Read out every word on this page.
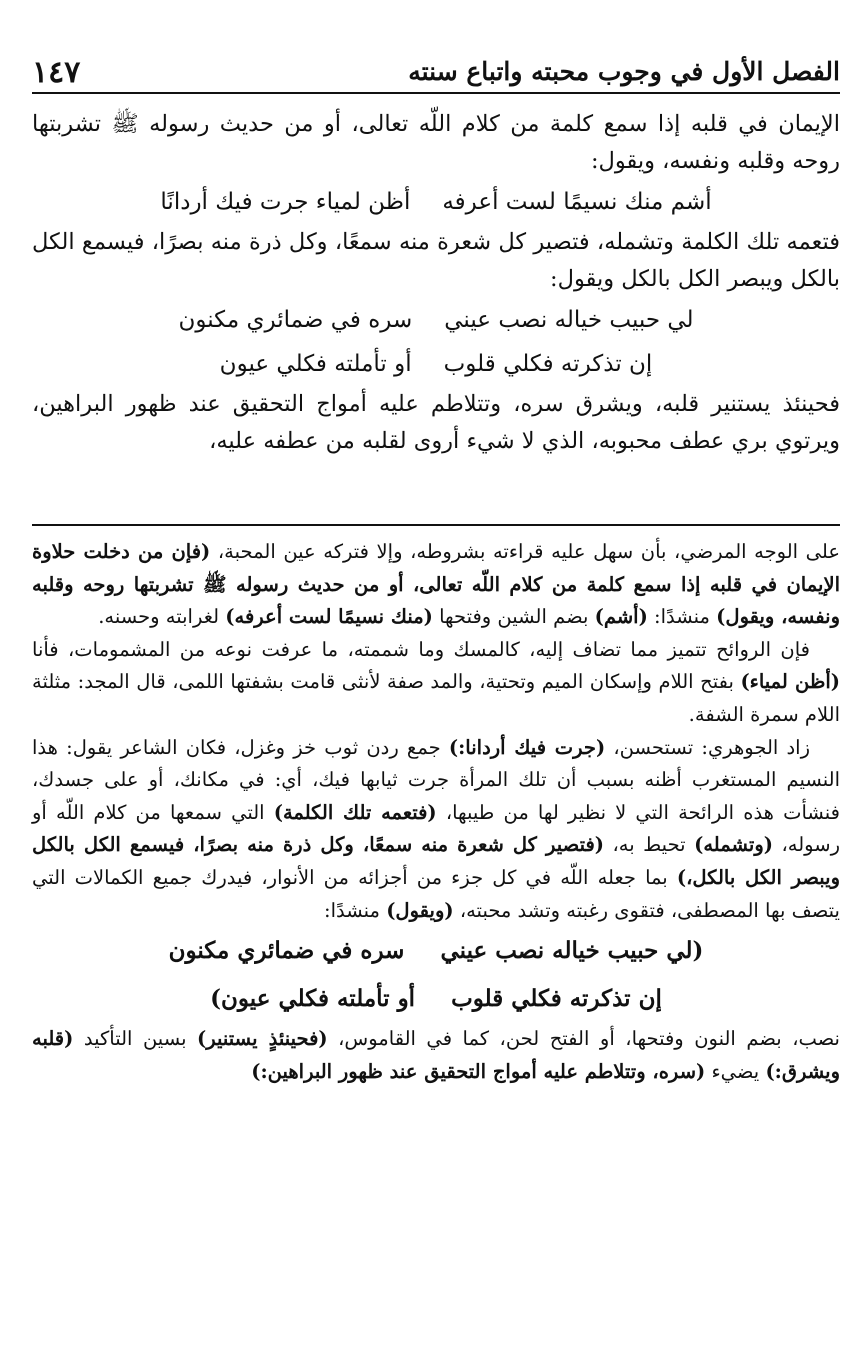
الفصل الأول في وجوب محبته واتباع سنته
١٤٧

الإيمان في قلبه إذا سمع كلمة من كلام اللّه تعالى، أو من حديث رسوله ﷺ تشربتها روحه وقلبه ونفسه، ويقول:

أشم منك نسيمًا لست أعرفه
أظن لمياء جرت فيك أردانًا

فتعمه تلك الكلمة وتشمله، فتصير كل شعرة منه سمعًا، وكل ذرة منه بصرًا، فيسمع الكل بالكل ويبصر الكل بالكل ويقول:

لي حبيب خياله نصب عيني
سره في ضمائري مكنون
إن تذكرته فكلي قلوب
أو تأملته فكلي عيون

فحينئذ يستنير قلبه، ويشرق سره، وتتلاطم عليه أمواج التحقيق عند ظهور البراهين، ويرتوي بري عطف محبوبه، الذي لا شيء أروى لقلبه من عطفه عليه،

على الوجه المرضي، بأن سهل عليه قراءته بشروطه، وإلا فتركه عين المحبة، (فإن من دخلت حلاوة الإيمان في قلبه إذا سمع كلمة من كلام اللّه تعالى، أو من حديث رسوله ﷺ تشربتها روحه وقلبه ونفسه، ويقول) منشدًا: (أشم) بضم الشين وفتحها (منك نسيمًا لست أعرفه) لغرابته وحسنه.

فإن الروائح تتميز مما تضاف إليه، كالمسك وما شممته، ما عرفت نوعه من المشمومات، فأنا (أظن لمياء) بفتح اللام وإسكان الميم وتحتية، والمد صفة لأنثى قامت بشفتها اللمى، قال المجد: مثلثة اللام سمرة الشفة.

زاد الجوهري: تستحسن، (جرت فيك أردانا:) جمع ردن ثوب خز وغزل، فكان الشاعر يقول: هذا النسيم المستغرب أظنه بسبب أن تلك المرأة جرت ثيابها فيك، أي: في مكانك، أو على جسدك، فنشأت هذه الرائحة التي لا نظير لها من طيبها، (فتعمه تلك الكلمة) التي سمعها من كلام اللّه أو رسوله، (وتشمله) تحيط به، (فتصير كل شعرة منه سمعًا، وكل ذرة منه بصرًا، فيسمع الكل بالكل ويبصر الكل بالكل،) بما جعله اللّه في كل جزء من أجزائه من الأنوار، فيدرك جميع الكمالات التي يتصف بها المصطفى، فتقوى رغبته وتشد محبته، (ويقول) منشدًا:

(لي حبيب خياله نصب عيني
سره في ضمائري مكنون
إن تذكرته فكلي قلوب
أو تأملته فكلي عيون)

نصب، بضم النون وفتحها، أو الفتح لحن، كما في القاموس، (فحينئذٍ يستنير) بسين التأكيد (قلبه ويشرق:) يضيء (سره، وتتلاطم عليه أمواج التحقيق عند ظهور البراهين:)
